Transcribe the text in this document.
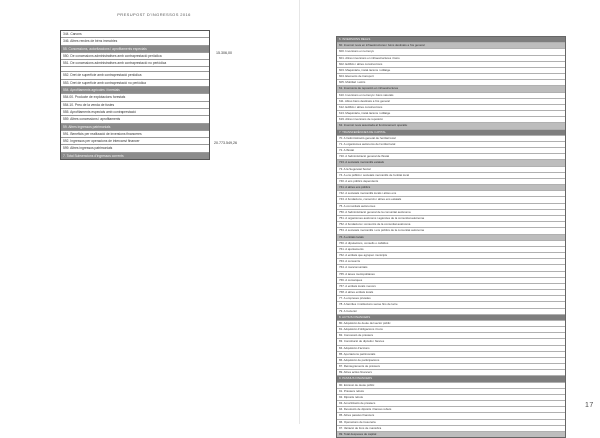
PRESUPOST D'INGRESSOS 2016
344. Canons
346. Altres rendes de béns immobles
55. Concessions, autoritzacions i aprofitaments especials
550. De concessions administratives amb contraprestació periòdica
551. De concessions administratives amb contraprestació no periòdica
552. Dret de superfície amb contraprestació periòdica
553. Dret de superfície amb contraprestació no periòdica
554. Aprofitaments agrícoles i forestals
554.00. Producte de explotacions forestals
554.10. Preu de la venda de fustes
555. Aprofitaments especials amb contraprestació
559. Altres concessions i aprofitaments
59. Altres ingressos patrimonials
591. Beneficis per realització de inversions financeres
592. Ingressos per operacions de intercanvi financer
599. Altres ingressos patrimonials
7. Total Subvencions d'ingressos corrents
15.306,00
20.773.549,26
6. INVERSIONS REALS
60. Inversió nova en infraestructures i béns destinats a l'ús general
600. Inversions en terrenys
601. Altres inversions en infraestructures i béns
602. Edificis i altres construccions
603. Maquinària, instal·lacions i utillatge
604. Elements de transport
605. Mobiliari i estris
61. Inversions de reposició en infraestructures
610. Inversions en terrenys i béns naturals
611. Altres béns destinats a l'ús general
612. Edificis i altres construccions
613. Maquinària, instal·lacions i utillatge
619. Altres inversions de reposició
62. Inversió nova associada al funcionament operatiu
7. TRANSFERÈNCIES DE CAPITAL
70. A l'administració general de l'entitat local
71. A organismes autònoms de l'entitat local
72. A l'Estat
720. A l'administració general de l'Estat
723. A societats mercantils estatals
73. A la Seguretat Social
74. A ens públics i societats mercantils de l'entitat local
740. A ens públics dependents
741. A altres ens públics
742. A societats mercantils locals i altres ens
743. A fundacions, consorcis i altres ens estatals
75. A comunitats autònomes
750. A l'administració general de la comunitat autònoma
751. A organismes autònoms i agències de la comunitat autònoma
752. A fundacions i consorcis de la comunitat autònoma
753. A societats mercantils i ens públics de la comunitat autònoma
76. A entitats locals
760. A diputacions, consells o cabildos
761. A ajuntaments
762. A entitats que agrupen municipis
763. A consorcis
764. A mancomunitats
765. A àrees metropolitanes
766. A comarques
767. A entitats locals menors
768. A altres entitats locals
77. A empreses privades
78. A famílies i institucions sense fins de lucre
79. A l'exterior
8. ACTIUS FINANCERS
80. Adquisició de deute del sector públic
81. Adquisició d'obligacions i bons
82. Concessió de préstecs
83. Constitució de dipòsits i fiances
84. Adquisició d'accions
85. Aportacions patrimonials
86. Adquisició de participacions
87. Reintegraments de préstecs
89. Altres actius financers
9. PASSIUS FINANCERS
90. Emissió de deute públic
91. Préstecs rebuts
92. Dipòsits rebuts
93. Amortització de préstecs
94. Devolució de dipòsits i fiances rebuts
95. Altres passius financers
96. Operacions de tresoreria
97. Variació de fons de maniobra
99. Total despeses de capital
17
